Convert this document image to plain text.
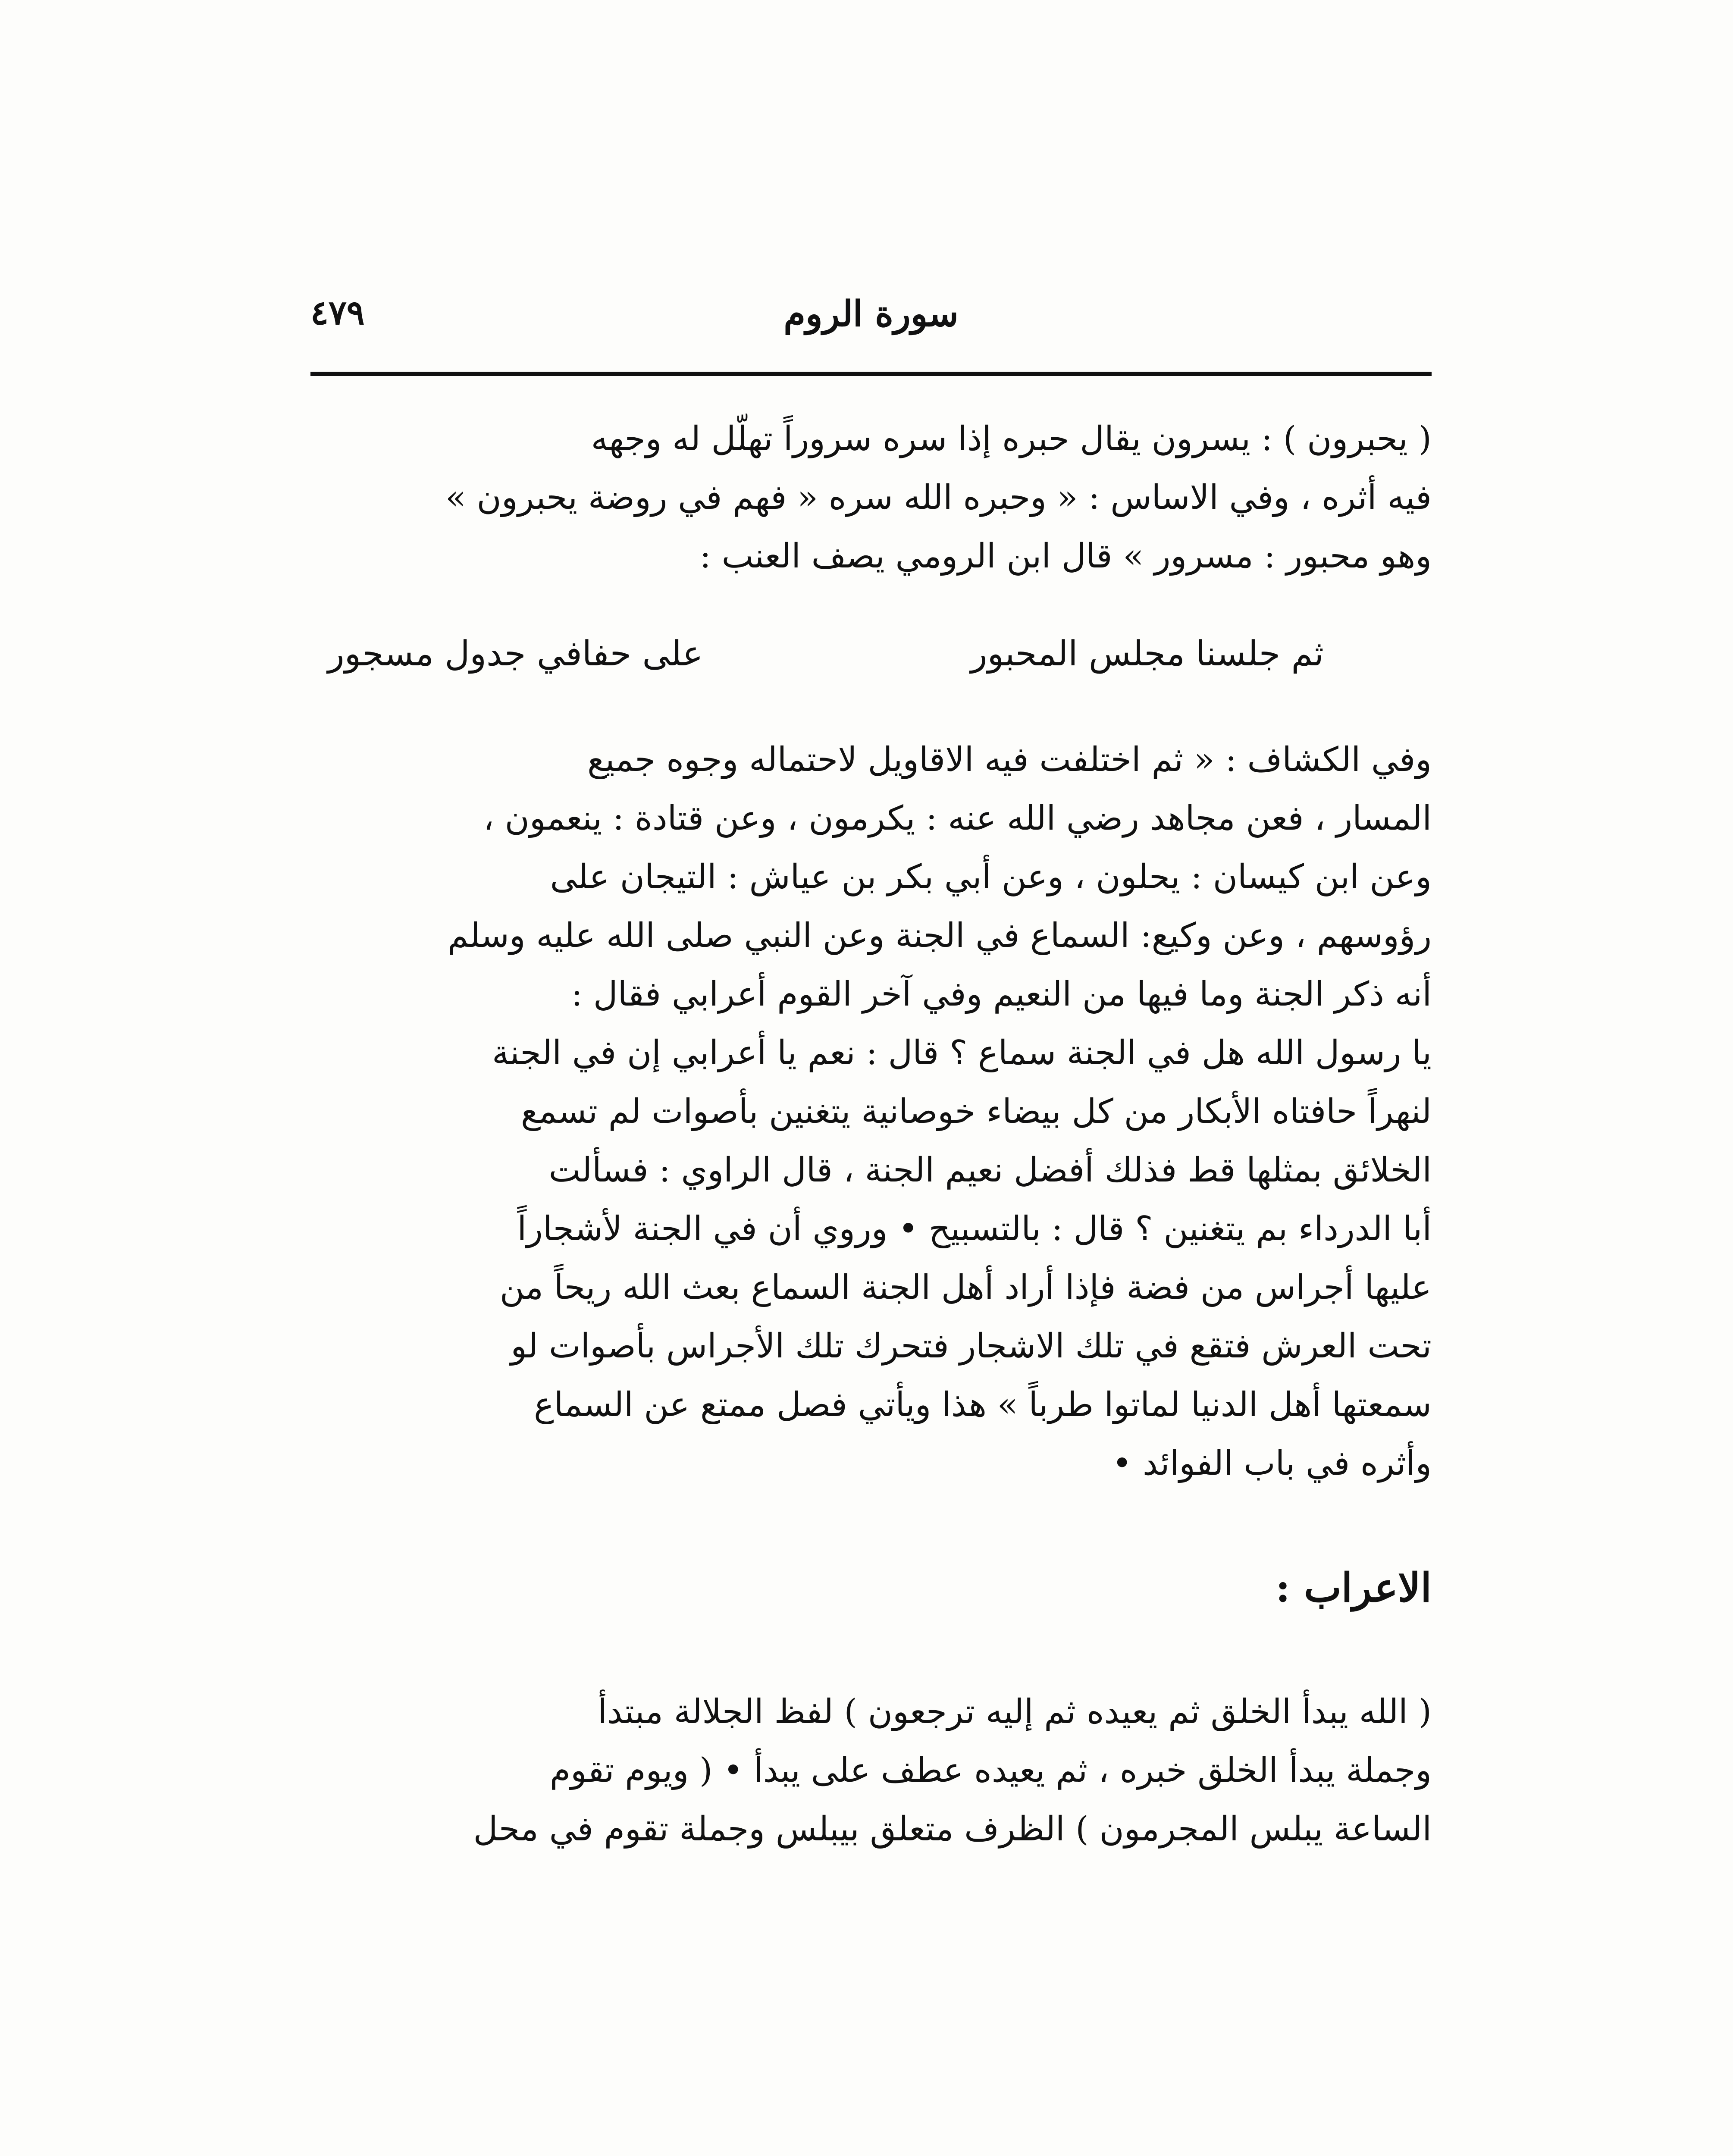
٤٧٩	سورة الروم

( يحبرون ) : يسرون يقال حبره إذا سره سروراً تهلّل له وجهه
فيه أثره ، وفي الاساس : « وحبره الله سره « فهم في روضة يحبرون »
وهو محبور : مسرور » قال ابن الرومي يصف العنب :

ثم جلسنا مجلس المحبور
على حفافي جدول مسجور

وفي الكشاف : « ثم اختلفت فيه الاقاويل لاحتماله وجوه جميع
المسار ، فعن مجاهد رضي الله عنه : يكرمون ، وعن قتادة : ينعمون ،
وعن ابن كيسان : يحلون ، وعن أبي بكر بن عياش : التيجان على
رؤوسهم ، وعن وكيع: السماع في الجنة وعن النبي صلى الله عليه وسلم
أنه ذكر الجنة وما فيها من النعيم وفي آخر القوم أعرابي فقال :
يا رسول الله هل في الجنة سماع ؟ قال : نعم يا أعرابي إن في الجنة
لنهراً حافتاه الأبكار من كل بيضاء خوصانية يتغنين بأصوات لم تسمع
الخلائق بمثلها قط فذلك أفضل نعيم الجنة ، قال الراوي : فسألت
أبا الدرداء بم يتغنين ؟ قال : بالتسبيح • وروي أن في الجنة لأشجاراً
عليها أجراس من فضة فإذا أراد أهل الجنة السماع بعث الله ريحاً من
تحت العرش فتقع في تلك الاشجار فتحرك تلك الأجراس بأصوات لو
سمعتها أهل الدنيا لماتوا طرباً » هذا ويأتي فصل ممتع عن السماع
وأثره في باب الفوائد •

الاعراب :

( الله يبدأ الخلق ثم يعيده ثم إليه ترجعون ) لفظ الجلالة مبتدأ
وجملة يبدأ الخلق خبره ، ثم يعيده عطف على يبدأ • ( ويوم تقوم
الساعة يبلس المجرمون ) الظرف متعلق بيبلس وجملة تقوم في محل
